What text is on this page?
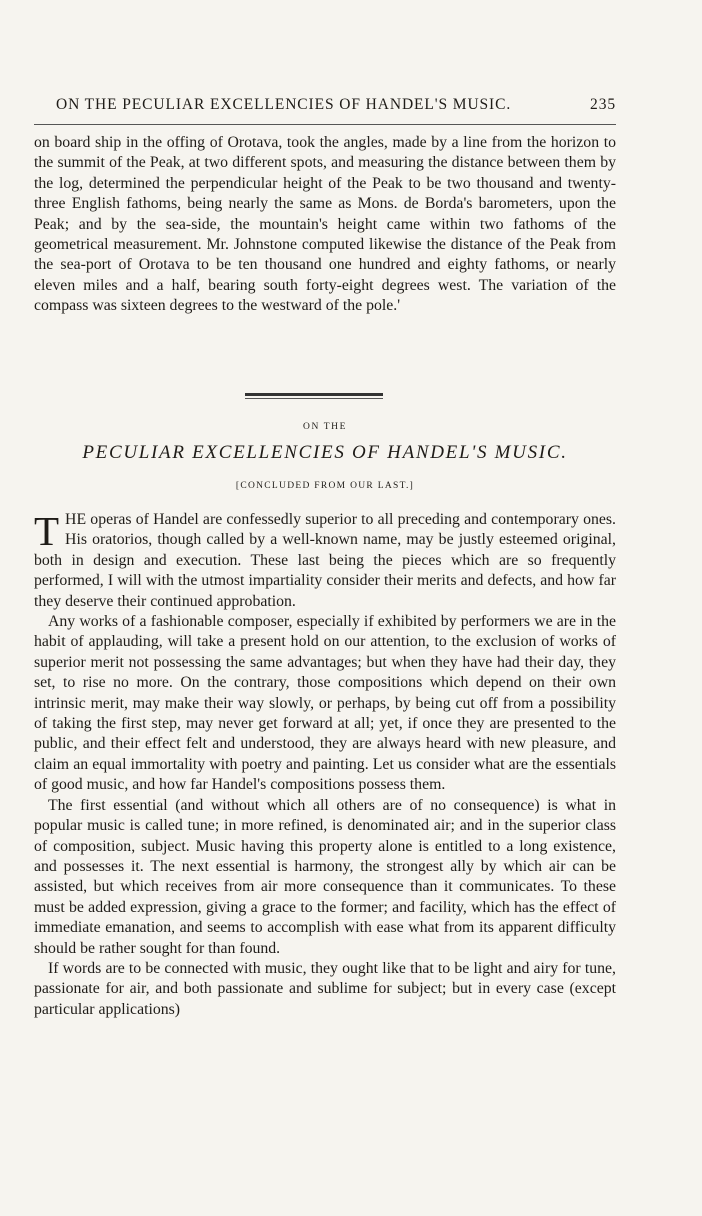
ON THE PECULIAR EXCELLENCIES OF HANDEL'S MUSIC.	235

on board ship in the offing of Orotava, took the angles, made by a line from the horizon to the summit of the Peak, at two different spots, and measuring the distance between them by the log, determined the perpendicular height of the Peak to be two thousand and twenty-three English fathoms, being nearly the same as Mons. de Borda's barometers, upon the Peak; and by the sea-side, the mountain's height came within two fathoms of the geometrical measurement. Mr. Johnstone computed likewise the distance of the Peak from the sea-port of Orotava to be ten thousand one hundred and eighty fathoms, or nearly eleven miles and a half, bearing south forty-eight degrees west. The variation of the compass was sixteen degrees to the westward of the pole.'

ON THE
PECULIAR EXCELLENCIES OF HANDEL'S MUSIC.
[CONCLUDED FROM OUR LAST.]

THE operas of Handel are confessedly superior to all preceding and contemporary ones. His oratorios, though called by a well-known name, may be justly esteemed original, both in design and execution. These last being the pieces which are so frequently performed, I will with the utmost impartiality consider their merits and defects, and how far they deserve their continued approbation.

Any works of a fashionable composer, especially if exhibited by performers we are in the habit of applauding, will take a present hold on our attention, to the exclusion of works of superior merit not possessing the same advantages; but when they have had their day, they set, to rise no more. On the contrary, those compositions which depend on their own intrinsic merit, may make their way slowly, or perhaps, by being cut off from a possibility of taking the first step, may never get forward at all; yet, if once they are presented to the public, and their effect felt and understood, they are always heard with new pleasure, and claim an equal immortality with poetry and painting. Let us consider what are the essentials of good music, and how far Handel's compositions possess them.

The first essential (and without which all others are of no consequence) is what in popular music is called tune; in more refined, is denominated air; and in the superior class of composition, subject. Music having this property alone is entitled to a long existence, and possesses it. The next essential is harmony, the strongest ally by which air can be assisted, but which receives from air more consequence than it communicates. To these must be added expression, giving a grace to the former; and facility, which has the effect of immediate emanation, and seems to accomplish with ease what from its apparent difficulty should be rather sought for than found.

If words are to be connected with music, they ought like that to be light and airy for tune, passionate for air, and both passionate and sublime for subject; but in every case (except particular applications)
